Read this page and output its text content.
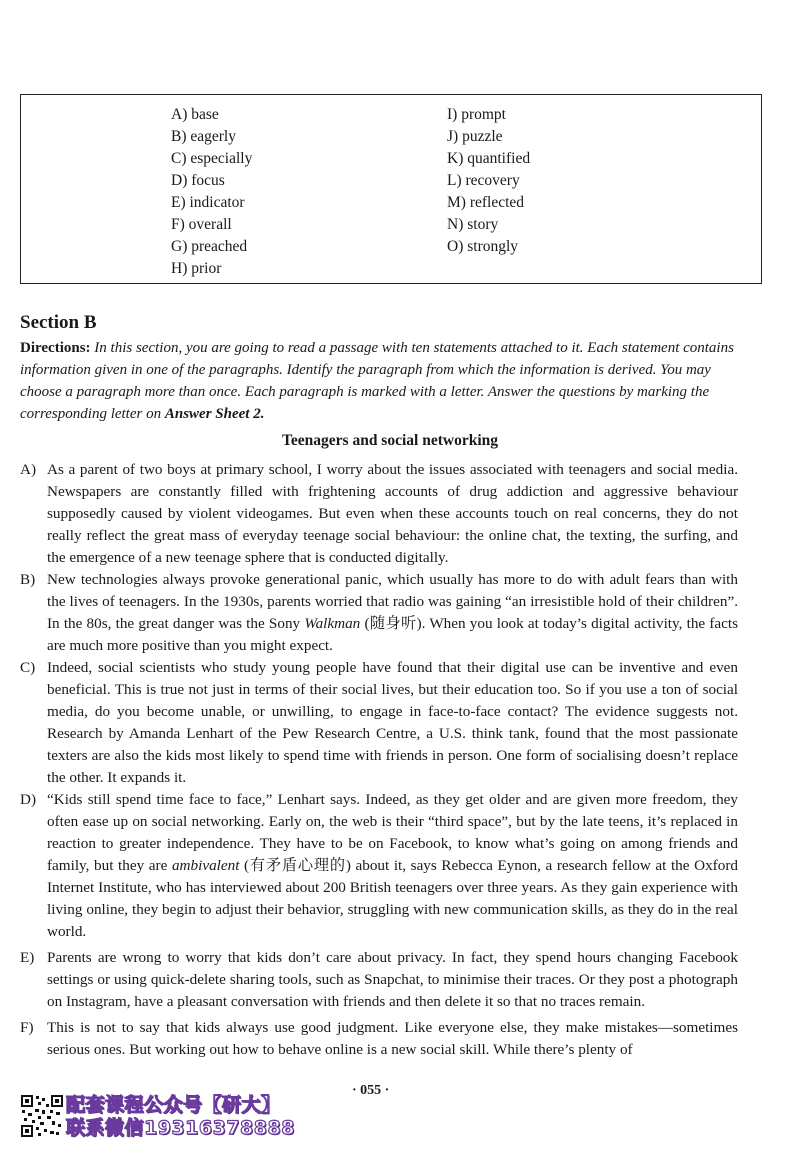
A) base
B) eagerly
C) especially
D) focus
E) indicator
F) overall
G) preached
H) prior
I) prompt
J) puzzle
K) quantified
L) recovery
M) reflected
N) story
O) strongly
Section B
Directions: In this section, you are going to read a passage with ten statements attached to it. Each statement contains information given in one of the paragraphs. Identify the paragraph from which the information is derived. You may choose a paragraph more than once. Each paragraph is marked with a letter. Answer the questions by marking the corresponding letter on Answer Sheet 2.
Teenagers and social networking
A) As a parent of two boys at primary school, I worry about the issues associated with teenagers and social media. Newspapers are constantly filled with frightening accounts of drug addiction and aggressive behaviour supposedly caused by violent videogames. But even when these accounts touch on real concerns, they do not really reflect the great mass of everyday teenage social behaviour: the online chat, the texting, the surfing, and the emergence of a new teenage sphere that is conducted digitally.
B) New technologies always provoke generational panic, which usually has more to do with adult fears than with the lives of teenagers. In the 1930s, parents worried that radio was gaining “an irresistible hold of their children”. In the 80s, the great danger was the Sony Walkman (随身听). When you look at today’s digital activity, the facts are much more positive than you might expect.
C) Indeed, social scientists who study young people have found that their digital use can be inventive and even beneficial. This is true not just in terms of their social lives, but their education too. So if you use a ton of social media, do you become unable, or unwilling, to engage in face-to-face contact? The evidence suggests not. Research by Amanda Lenhart of the Pew Research Centre, a U.S. think tank, found that the most passionate texters are also the kids most likely to spend time with friends in person. One form of socialising doesn’t replace the other. It expands it.
D) “Kids still spend time face to face,” Lenhart says. Indeed, as they get older and are given more freedom, they often ease up on social networking. Early on, the web is their “third space”, but by the late teens, it’s replaced in reaction to greater independence. They have to be on Facebook, to know what’s going on among friends and family, but they are ambivalent (有矛盾心理的) about it, says Rebecca Eynon, a research fellow at the Oxford Internet Institute, who has interviewed about 200 British teenagers over three years. As they gain experience with living online, they begin to adjust their behavior, struggling with new communication skills, as they do in the real world.
E) Parents are wrong to worry that kids don’t care about privacy. In fact, they spend hours changing Facebook settings or using quick-delete sharing tools, such as Snapchat, to minimise their traces. Or they post a photograph on Instagram, have a pleasant conversation with friends and then delete it so that no traces remain.
F) This is not to say that kids always use good judgment. Like everyone else, they make mistakes—sometimes serious ones. But working out how to behave online is a new social skill. While there’s plenty of
· 055 ·
配套课程公众号【研大】
联系微信19316378888
